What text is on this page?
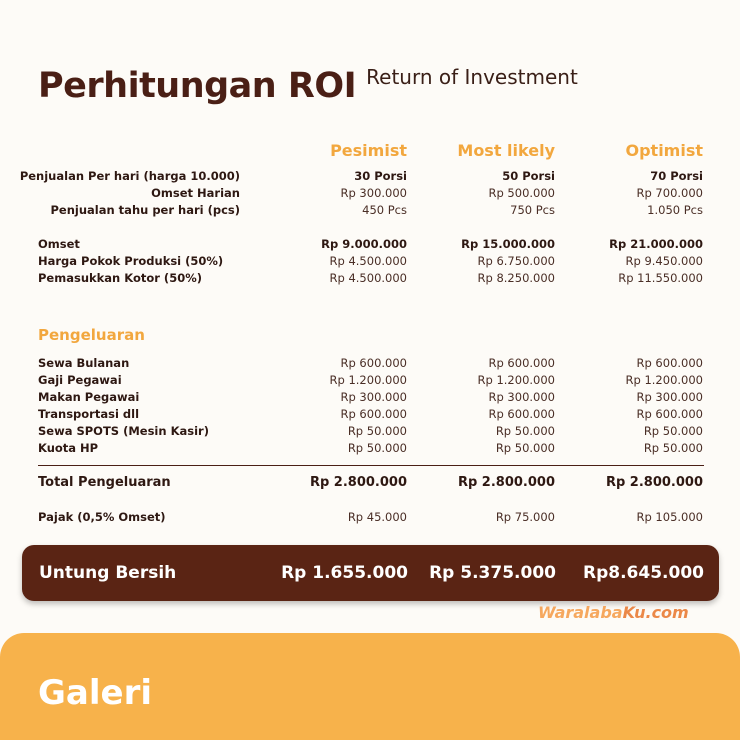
Perhitungan ROI Return of Investment
Pesimist	Most likely	Optimist
Penjualan Per hari (harga 10.000)	30 Porsi	50 Porsi	70 Porsi
Omset Harian	Rp 300.000	Rp 500.000	Rp 700.000
Penjualan tahu per hari (pcs)	450 Pcs	750 Pcs	1.050 Pcs
Omset	Rp 9.000.000	Rp 15.000.000	Rp 21.000.000
Harga Pokok Produksi (50%)	Rp 4.500.000	Rp 6.750.000	Rp 9.450.000
Pemasukkan Kotor (50%)	Rp 4.500.000	Rp 8.250.000	Rp 11.550.000
Pengeluaran
Sewa Bulanan	Rp 600.000	Rp 600.000	Rp 600.000
Gaji Pegawai	Rp 1.200.000	Rp 1.200.000	Rp 1.200.000
Makan Pegawai	Rp 300.000	Rp 300.000	Rp 300.000
Transportasi dll	Rp 600.000	Rp 600.000	Rp 600.000
Sewa SPOTS (Mesin Kasir)	Rp 50.000	Rp 50.000	Rp 50.000
Kuota HP	Rp 50.000	Rp 50.000	Rp 50.000
Total Pengeluaran	Rp 2.800.000	Rp 2.800.000	Rp 2.800.000
Pajak (0,5% Omset)	Rp 45.000	Rp 75.000	Rp 105.000
Untung Bersih	Rp 1.655.000	Rp 5.375.000	Rp8.645.000
WaralabaKu.com
Galeri
